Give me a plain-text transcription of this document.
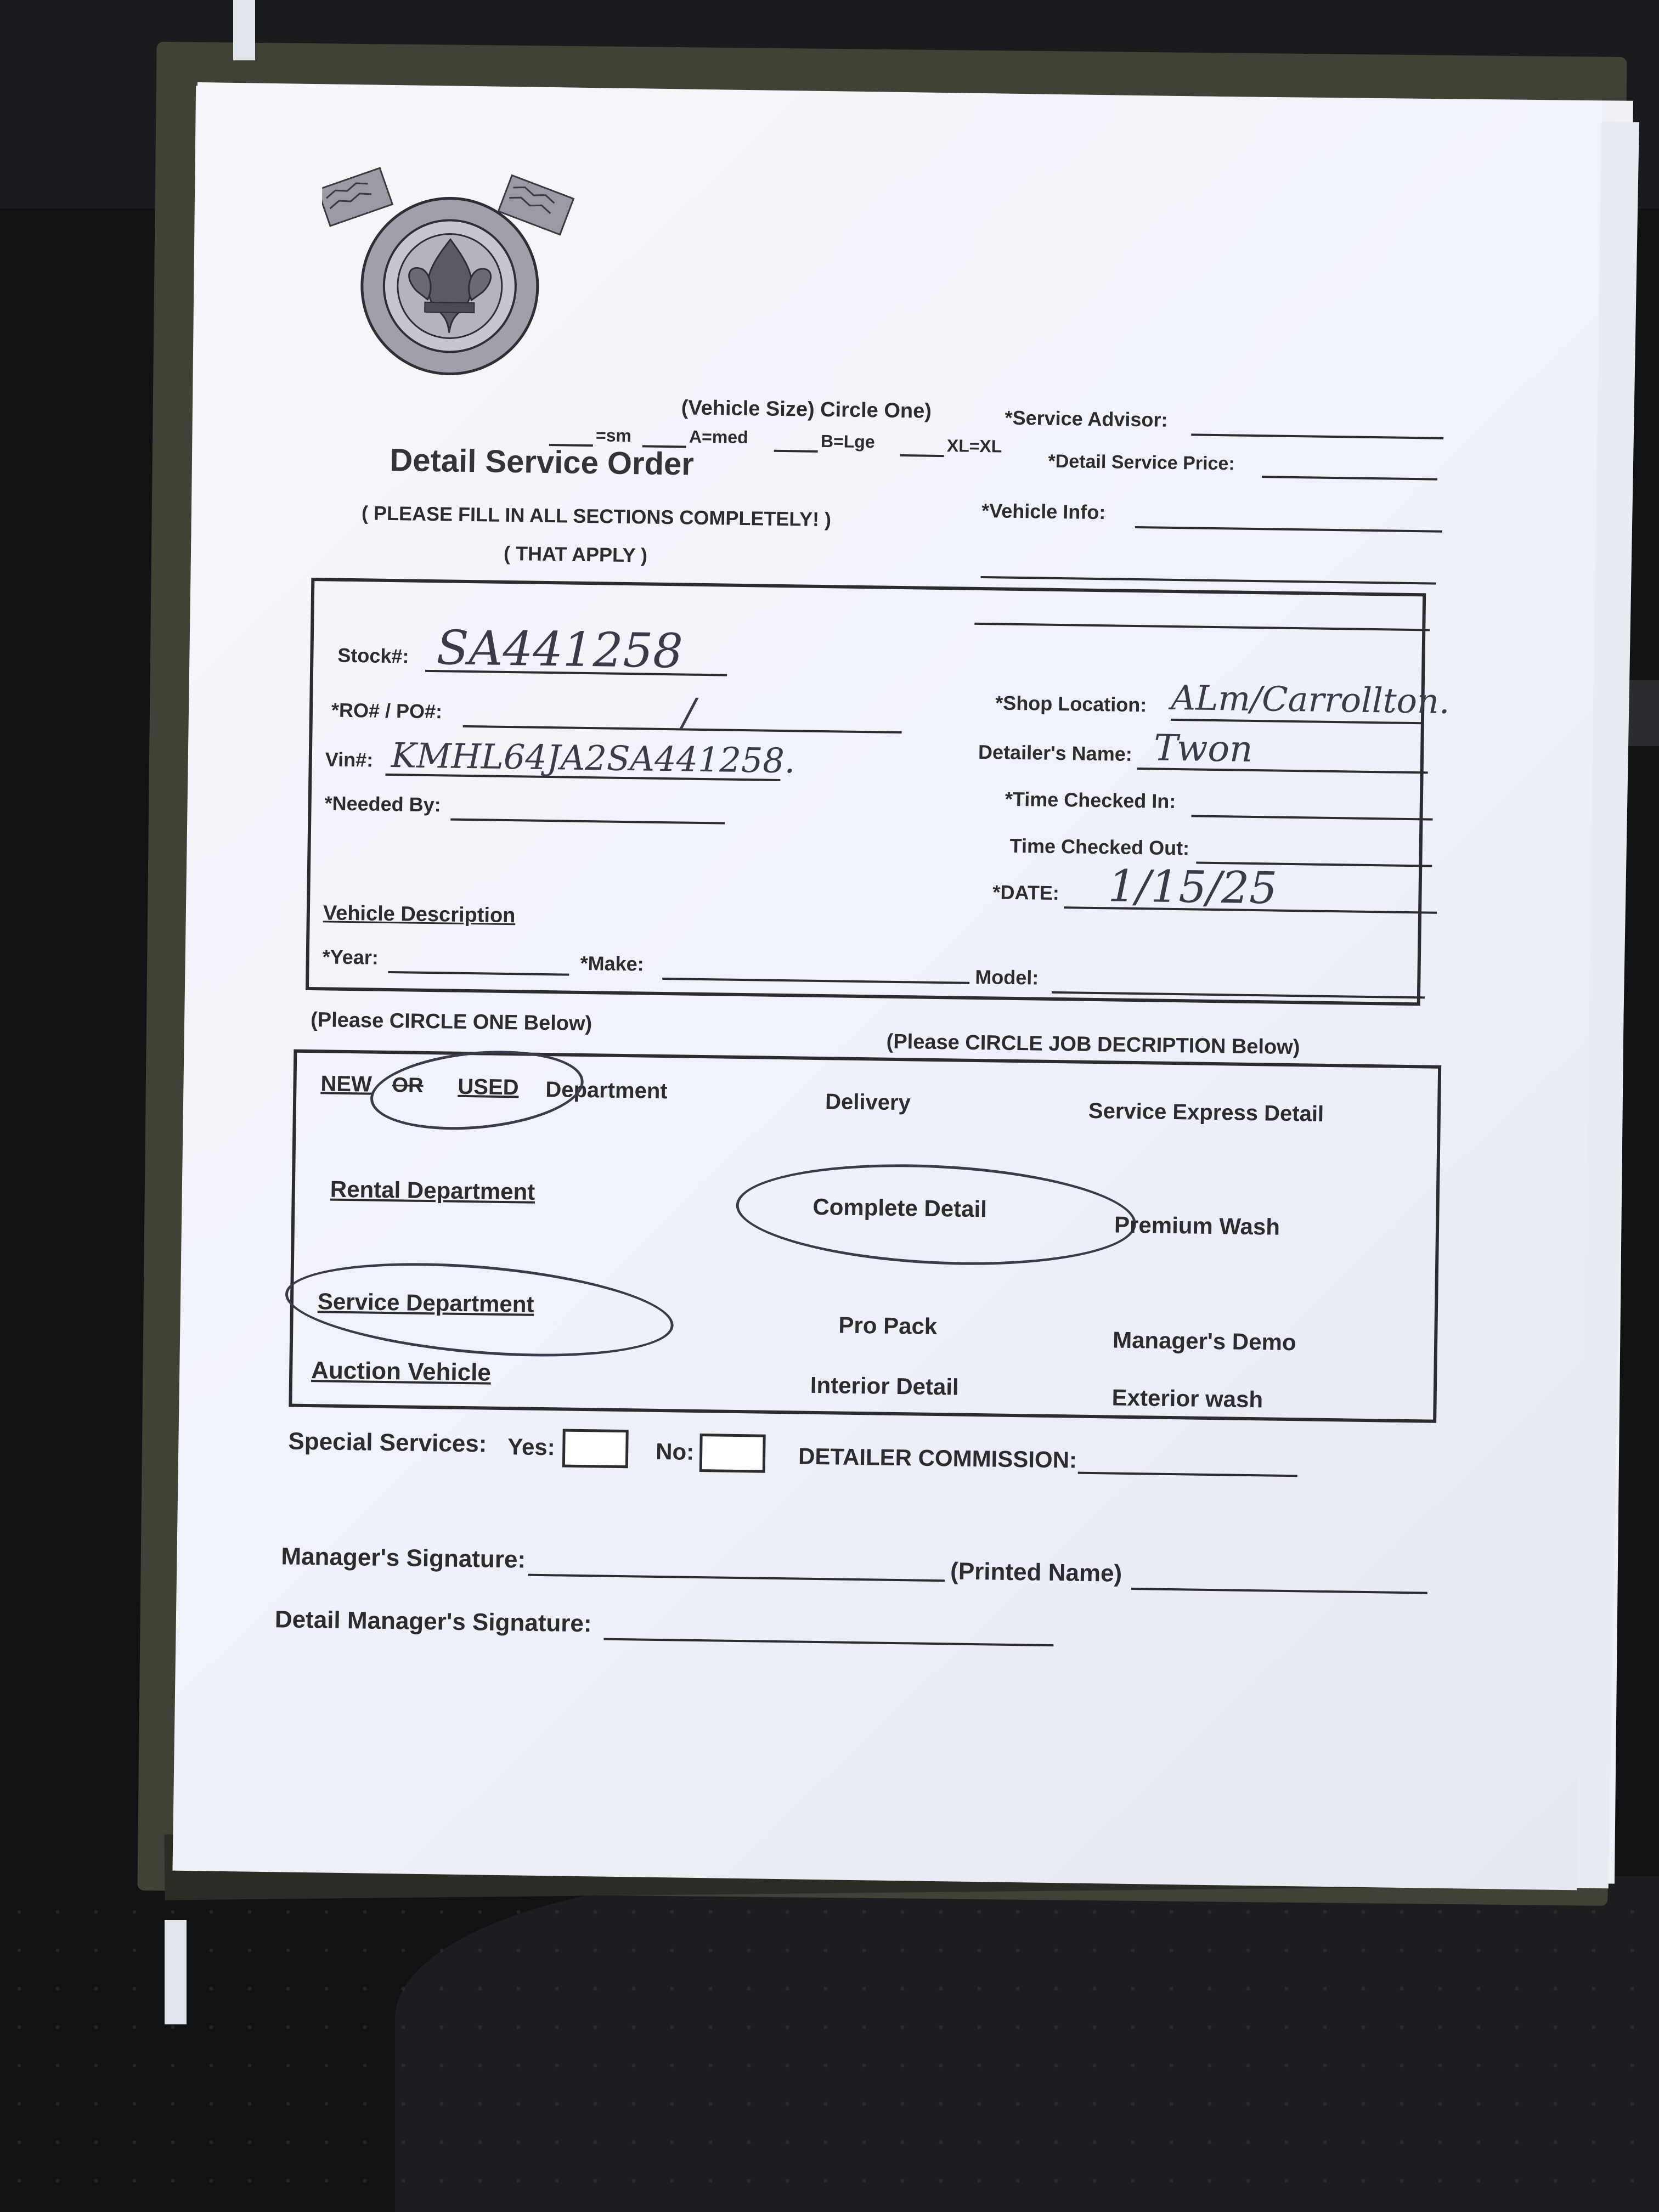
(Vehicle Size) Circle One)
=sm	A=med	B=Lge	XL=XL
Detail Service Order
( PLEASE FILL IN ALL SECTIONS COMPLETELY! )
( THAT APPLY )
*Service Advisor:
*Detail Service Price:
*Vehicle Info:
Stock#: SA441258
*RO# / PO#:	/
Vin#: KMHL64JA2SA441258.
*Needed By:
*Shop Location: ALm/Carrollton.
Detailer's Name: Twon
*Time Checked In:
Time Checked Out:
*DATE: 1/15/25
Vehicle Description
*Year:	*Make:
Model:
(Please CIRCLE ONE Below)
(Please CIRCLE JOB DECRIPTION Below)
NEW OR USED Department	Delivery	Service Express Detail
Rental Department
Complete Detail
Premium Wash
Service Department
Pro Pack
Manager's Demo
Auction Vehicle	Interior Detail	Exterior wash
Special Services: Yes:	No:	DETAILER COMMISSION:
Manager's Signature:	(Printed Name)
Detail Manager's Signature:
